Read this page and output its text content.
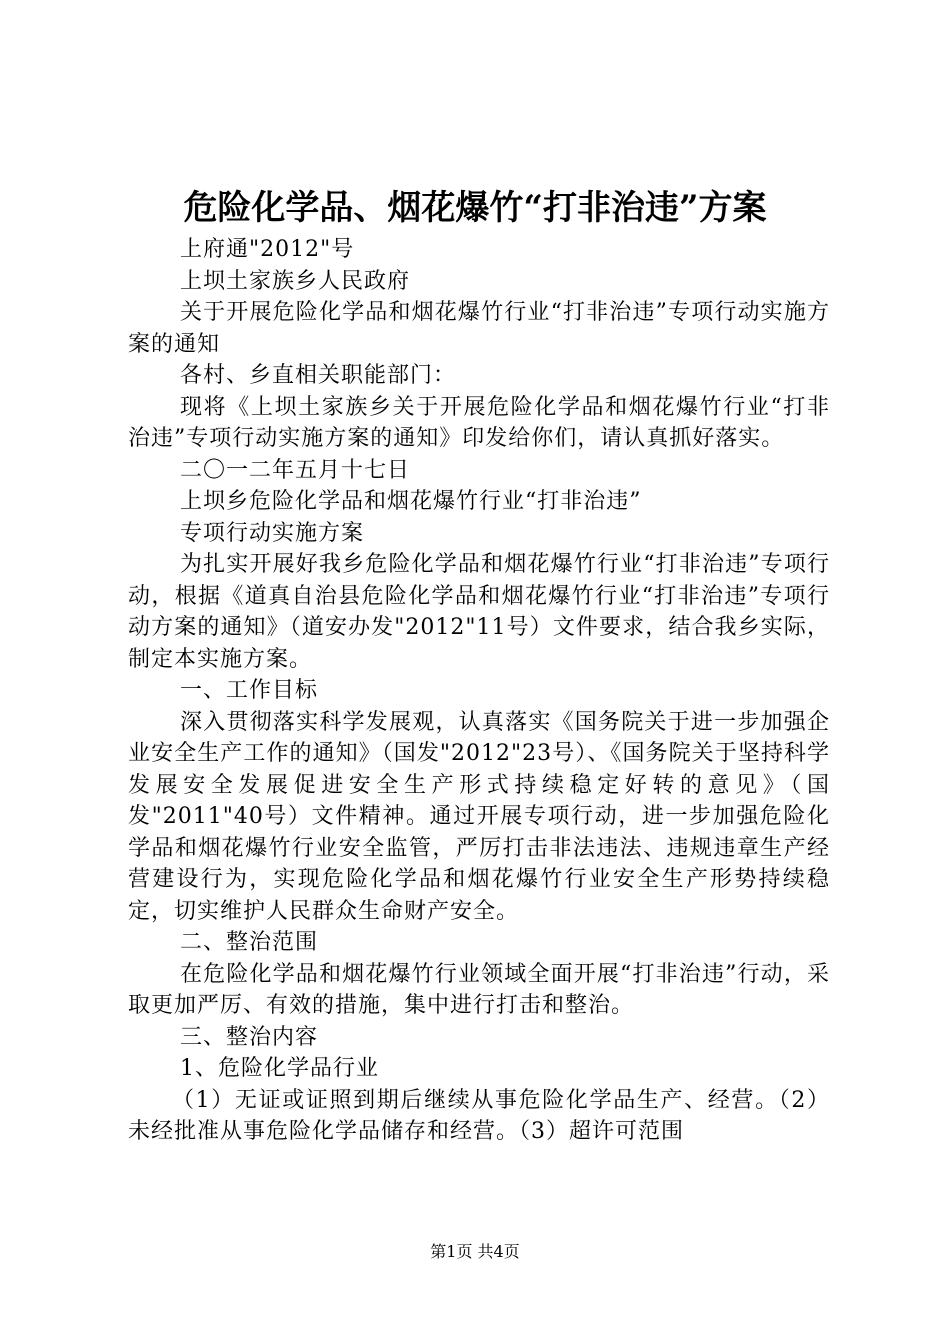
危险化学品、烟花爆竹“打非治违”方案

上府通"2012"号

上坝土家族乡人民政府

关于开展危险化学品和烟花爆竹行业“打非治违”专项行动实施方案的通知

各村、乡直相关职能部门：

现将《上坝土家族乡关于开展危险化学品和烟花爆竹行业“打非治违”专项行动实施方案的通知》印发给你们，请认真抓好落实。

二〇一二年五月十七日

上坝乡危险化学品和烟花爆竹行业“打非治违”

专项行动实施方案

为扎实开展好我乡危险化学品和烟花爆竹行业“打非治违”专项行动，根据《道真自治县危险化学品和烟花爆竹行业“打非治违”专项行动方案的通知》（道安办发"2012"11号）文件要求，结合我乡实际，制定本实施方案。

一、工作目标

深入贯彻落实科学发展观，认真落实《国务院关于进一步加强企业安全生产工作的通知》（国发"2012"23号）、《国务院关于坚持科学发展安全发展促进安全生产形式持续稳定好转的意见》（国发"2011"40号）文件精神。通过开展专项行动，进一步加强危险化学品和烟花爆竹行业安全监管，严厉打击非法违法、违规违章生产经营建设行为，实现危险化学品和烟花爆竹行业安全生产形势持续稳定，切实维护人民群众生命财产安全。

二、整治范围

在危险化学品和烟花爆竹行业领域全面开展“打非治违”行动，采取更加严厉、有效的措施，集中进行打击和整治。

三、整治内容

1、危险化学品行业

（1）无证或证照到期后继续从事危险化学品生产、经营。（2）未经批准从事危险化学品储存和经营。（3）超许可范围

第1页 共4页
